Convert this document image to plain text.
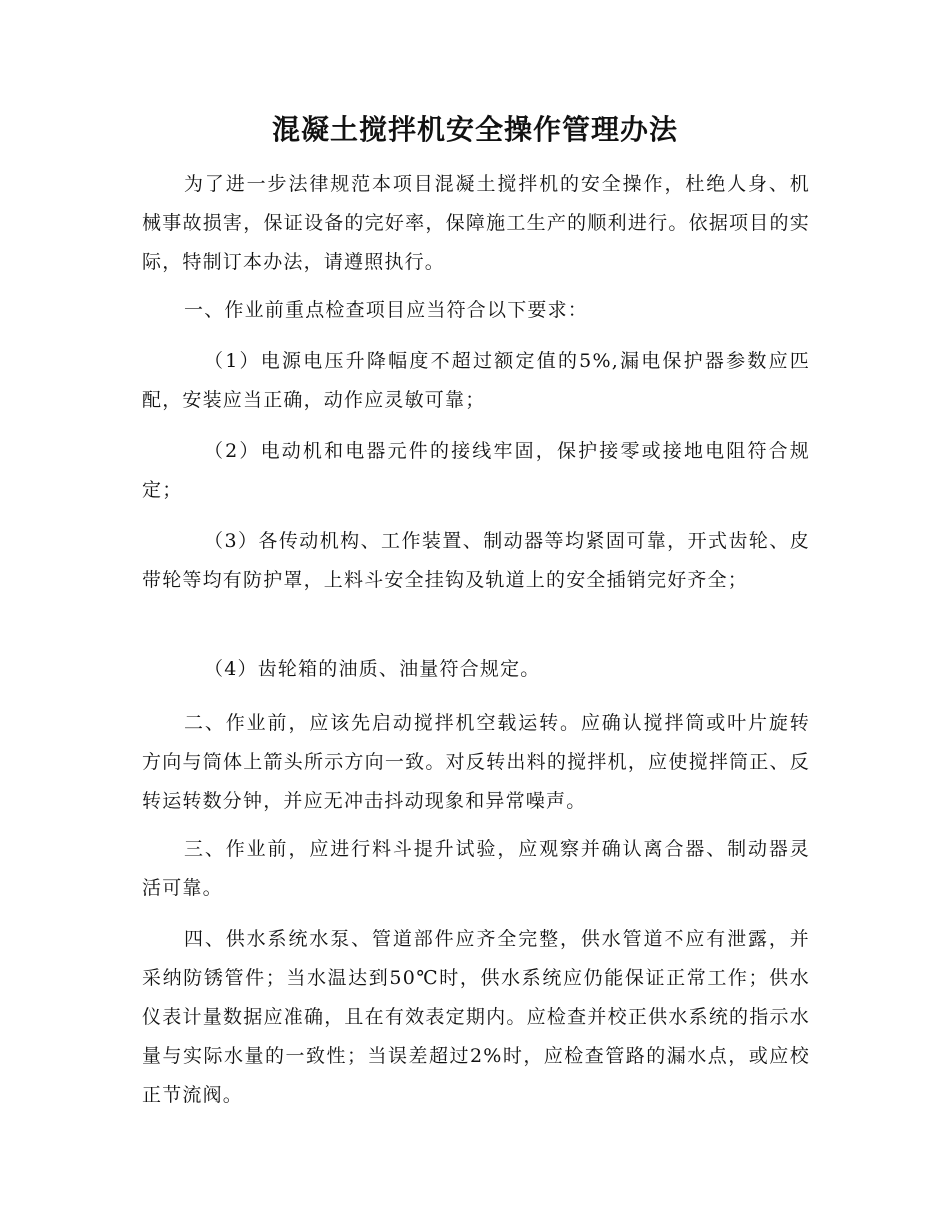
混凝土搅拌机安全操作管理办法

为了进一步法律规范本项目混凝土搅拌机的安全操作，杜绝人身、机械事故损害，保证设备的完好率，保障施工生产的顺利进行。依据项目的实际，特制订本办法，请遵照执行。

一、作业前重点检查项目应当符合以下要求：

（1）电源电压升降幅度不超过额定值的5%,漏电保护器参数应匹配，安装应当正确，动作应灵敏可靠；

（2）电动机和电器元件的接线牢固，保护接零或接地电阻符合规定；

（3）各传动机构、工作装置、制动器等均紧固可靠，开式齿轮、皮带轮等均有防护罩，上料斗安全挂钩及轨道上的安全插销完好齐全；

（4）齿轮箱的油质、油量符合规定。

二、作业前，应该先启动搅拌机空载运转。应确认搅拌筒或叶片旋转方向与筒体上箭头所示方向一致。对反转出料的搅拌机，应使搅拌筒正、反转运转数分钟，并应无冲击抖动现象和异常噪声。

三、作业前，应进行料斗提升试验，应观察并确认离合器、制动器灵活可靠。

四、供水系统水泵、管道部件应齐全完整，供水管道不应有泄露，并采纳防锈管件；当水温达到50℃时，供水系统应仍能保证正常工作；供水仪表计量数据应准确，且在有效表定期内。应检查并校正供水系统的指示水量与实际水量的一致性；当误差超过2%时，应检查管路的漏水点，或应校正节流阀。
